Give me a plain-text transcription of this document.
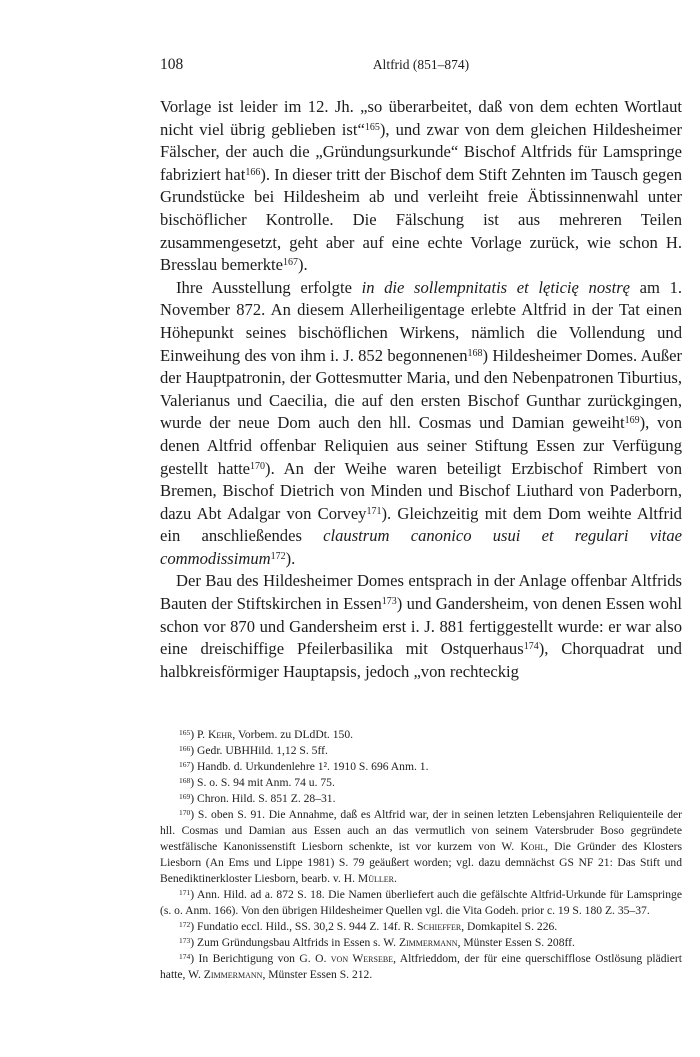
108	Altfrid (851–874)

Vorlage ist leider im 12. Jh. „so überarbeitet, daß von dem echten Wortlaut nicht viel übrig geblieben ist“$^{165}$), und zwar von dem gleichen Hildesheimer Fälscher, der auch die „Gründungsurkunde“ Bischof Altfrids für Lamspringe fabriziert hat$^{166}$). In dieser tritt der Bischof dem Stift Zehnten im Tausch gegen Grundstücke bei Hildesheim ab und verleiht freie Äbtissinnenwahl unter bischöflicher Kontrolle. Die Fälschung ist aus mehreren Teilen zusammengesetzt, geht aber auf eine echte Vorlage zurück, wie schon H. Bresslau bemerkte$^{167}$).

Ihre Ausstellung erfolgte in die sollempnitatis et lęticię nostrę am 1. November 872. An diesem Allerheiligentage erlebte Altfrid in der Tat einen Höhepunkt seines bischöflichen Wirkens, nämlich die Vollendung und Einweihung des von ihm i. J. 852 begonnenen$^{168}$) Hildesheimer Domes. Außer der Hauptpatronin, der Gottesmutter Maria, und den Nebenpatronen Tiburtius, Valerianus und Caecilia, die auf den ersten Bischof Gunthar zurückgingen, wurde der neue Dom auch den hll. Cosmas und Damian geweiht$^{169}$), von denen Altfrid offenbar Reliquien aus seiner Stiftung Essen zur Verfügung gestellt hatte$^{170}$). An der Weihe waren beteiligt Erzbischof Rimbert von Bremen, Bischof Dietrich von Minden und Bischof Liuthard von Paderborn, dazu Abt Adalgar von Corvey$^{171}$). Gleichzeitig mit dem Dom weihte Altfrid ein anschließendes claustrum canonico usui et regulari vitae commodissimum$^{172}$).

Der Bau des Hildesheimer Domes entsprach in der Anlage offenbar Altfrids Bauten der Stiftskirchen in Essen$^{173}$) und Gandersheim, von denen Essen wohl schon vor 870 und Gandersheim erst i. J. 881 fertiggestellt wurde: er war also eine dreischiffige Pfeilerbasilika mit Ostquerhaus$^{174}$), Chorquadrat und halbkreisförmiger Hauptapsis, jedoch „von rechteckig

$^{165}$) P. Kehr, Vorbem. zu DLdDt. 150.

$^{166}$) Gedr. UBHHild. 1,12 S. 5ff.

$^{167}$) Handb. d. Urkundenlehre 1². 1910 S. 696 Anm. 1.

$^{168}$) S. o. S. 94 mit Anm. 74 u. 75.

$^{169}$) Chron. Hild. S. 851 Z. 28–31.

$^{170}$) S. oben S. 91. Die Annahme, daß es Altfrid war, der in seinen letzten Lebensjahren Reliquienteile der hll. Cosmas und Damian aus Essen auch an das vermutlich von seinem Vatersbruder Boso gegründete westfälische Kanonissenstift Liesborn schenkte, ist vor kurzem von W. Kohl, Die Gründer des Klosters Liesborn (An Ems und Lippe 1981) S. 79 geäußert worden; vgl. dazu demnächst GS NF 21: Das Stift und Benediktinerkloster Liesborn, bearb. v. H. Müller.

$^{171}$) Ann. Hild. ad a. 872 S. 18. Die Namen überliefert auch die gefälschte Altfrid-Urkunde für Lamspringe (s. o. Anm. 166). Von den übrigen Hildesheimer Quellen vgl. die Vita Godeh. prior c. 19 S. 180 Z. 35–37.

$^{172}$) Fundatio eccl. Hild., SS. 30,2 S. 944 Z. 14f. R. Schieffer, Domkapitel S. 226.

$^{173}$) Zum Gründungsbau Altfrids in Essen s. W. Zimmermann, Münster Essen S. 208ff.

$^{174}$) In Berichtigung von G. O. von Wersebe, Altfrieddom, der für eine querschifflose Ostlösung plädiert hatte, W. Zimmermann, Münster Essen S. 212.
